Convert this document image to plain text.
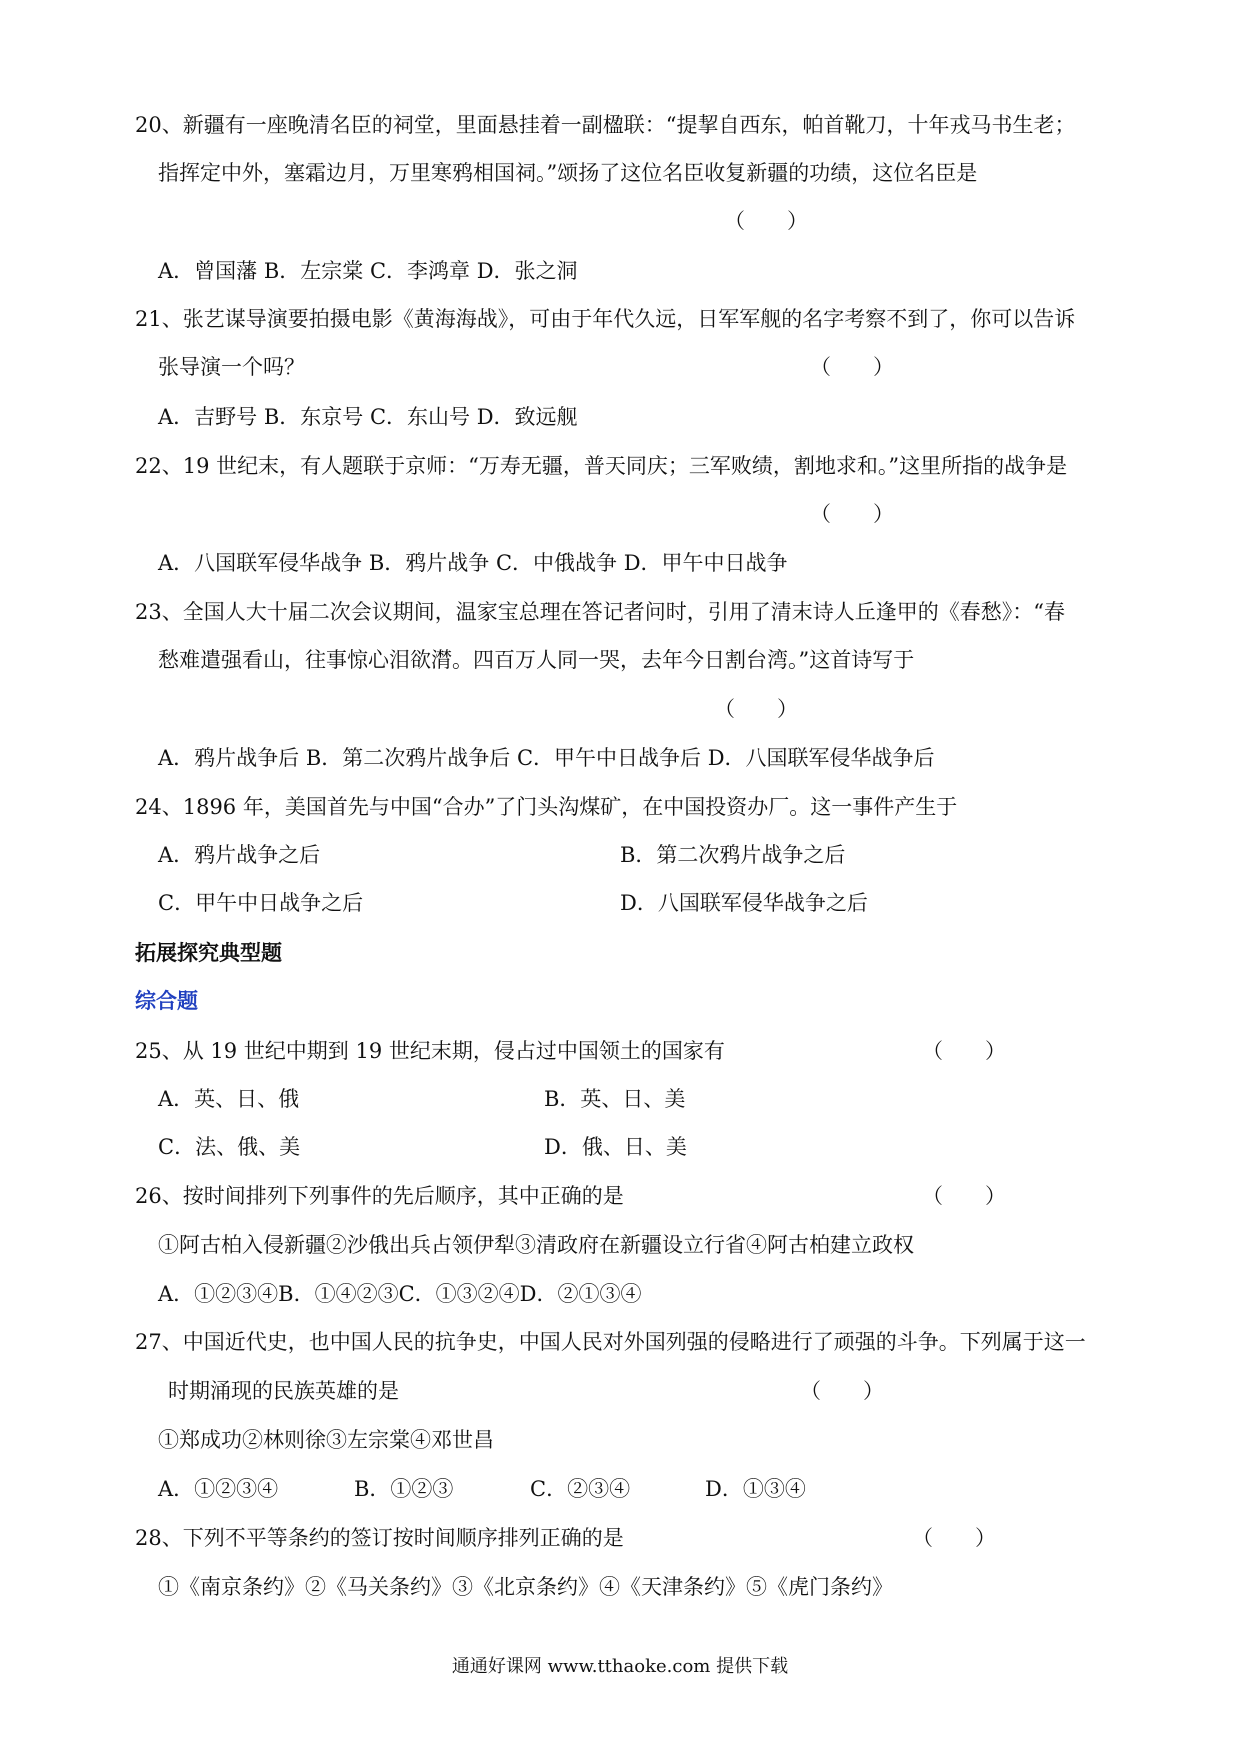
20、新疆有一座晚清名臣的祠堂，里面悬挂着一副楹联：“提挈自西东，帕首靴刀，十年戎马书生老；
指挥定中外，塞霜边月，万里寒鸦相国祠。”颂扬了这位名臣收复新疆的功绩，这位名臣是
（　　）
A．曾国藩 B．左宗棠 C．李鸿章 D．张之洞
21、张艺谋导演要拍摄电影《黄海海战》，可由于年代久远，日军军舰的名字考察不到了，你可以告诉
张导演一个吗？	（　　）
A．吉野号 B．东京号 C．东山号 D．致远舰
22、19 世纪末，有人题联于京师：“万寿无疆，普天同庆；三军败绩，割地求和。”这里所指的战争是
（　　）
A．八国联军侵华战争 B．鸦片战争 C．中俄战争 D．甲午中日战争
23、全国人大十届二次会议期间，温家宝总理在答记者问时，引用了清末诗人丘逢甲的《春愁》：“春
愁难遣强看山，往事惊心泪欲潸。四百万人同一哭，去年今日割台湾。”这首诗写于
（　　）
A．鸦片战争后 B．第二次鸦片战争后 C．甲午中日战争后 D．八国联军侵华战争后
24、1896 年，美国首先与中国“合办”了门头沟煤矿，在中国投资办厂。这一事件产生于
A．鸦片战争之后	B．第二次鸦片战争之后
C．甲午中日战争之后	D．八国联军侵华战争之后
拓展探究典型题
综合题
25、从 19 世纪中期到 19 世纪末期，侵占过中国领土的国家有	（　　）
A．英、日、俄	B．英、日、美
C．法、俄、美	D．俄、日、美
26、按时间排列下列事件的先后顺序，其中正确的是	（　　）
①阿古柏入侵新疆②沙俄出兵占领伊犁③清政府在新疆设立行省④阿古柏建立政权
A．①②③④B．①④②③C．①③②④D．②①③④
27、中国近代史，也中国人民的抗争史，中国人民对外国列强的侵略进行了顽强的斗争。下列属于这一
时期涌现的民族英雄的是	（　　）
①郑成功②林则徐③左宗棠④邓世昌
A．①②③④	B．①②③	C．②③④	D．①③④
28、下列不平等条约的签订按时间顺序排列正确的是	（　　）
①《南京条约》②《马关条约》③《北京条约》④《天津条约》⑤《虎门条约》
通通好课网 www.tthaoke.com 提供下载
